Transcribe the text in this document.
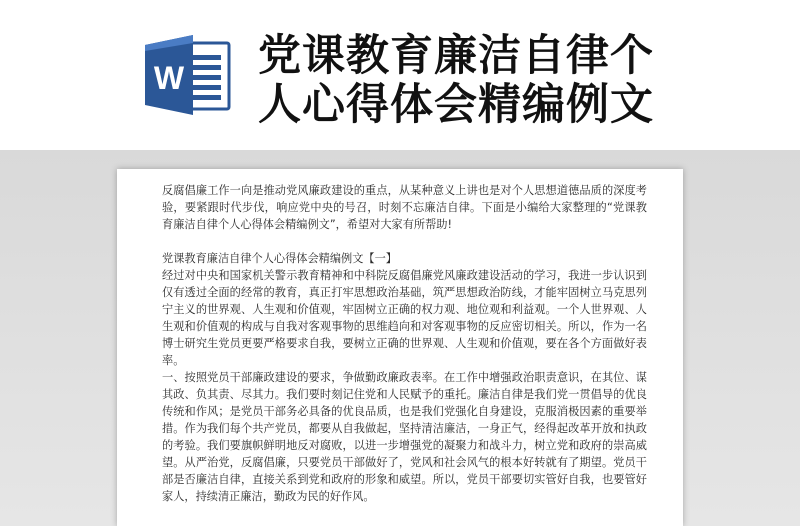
W 党课教育廉洁自律个
人心得体会精编例文

反腐倡廉工作一向是推动党风廉政建设的重点，从某种意义上讲也是对个人思想道德品质的深度考验，要紧跟时代步伐，响应党中央的号召，时刻不忘廉洁自律。下面是小编给大家整理的“党课教育廉洁自律个人心得体会精编例文”，希望对大家有所帮助!

党课教育廉洁自律个人心得体会精编例文【一】

经过对中央和国家机关警示教育精神和中科院反腐倡廉党风廉政建设活动的学习，我进一步认识到仅有透过全面的经常的教育，真正打牢思想政治基础，筑严思想政治防线，才能牢固树立马克思列宁主义的世界观、人生观和价值观，牢固树立正确的权力观、地位观和利益观。一个人世界观、人生观和价值观的构成与自我对客观事物的思维趋向和对客观事物的反应密切相关。所以，作为一名博士研究生党员更要严格要求自我，要树立正确的世界观、人生观和价值观，要在各个方面做好表率。

一、按照党员干部廉政建设的要求，争做勤政廉政表率。在工作中增强政治职责意识，在其位、谋其政、负其责、尽其力。我们要时刻记住党和人民赋予的重托。廉洁自律是我们党一贯倡导的优良传统和作风；是党员干部务必具备的优良品质，也是我们党强化自身建设，克服消极因素的重要举措。作为我们每个共产党员，都要从自我做起，坚持清洁廉洁，一身正气，经得起改革开放和执政的考验。我们要旗帜鲜明地反对腐败，以进一步增强党的凝聚力和战斗力，树立党和政府的崇高威望。从严治党，反腐倡廉，只要党员干部做好了，党风和社会风气的根本好转就有了期望。党员干部是否廉洁自律，直接关系到党和政府的形象和威望。所以，党员干部要切实管好自我，也要管好家人，持续清正廉洁，勤政为民的好作风。
